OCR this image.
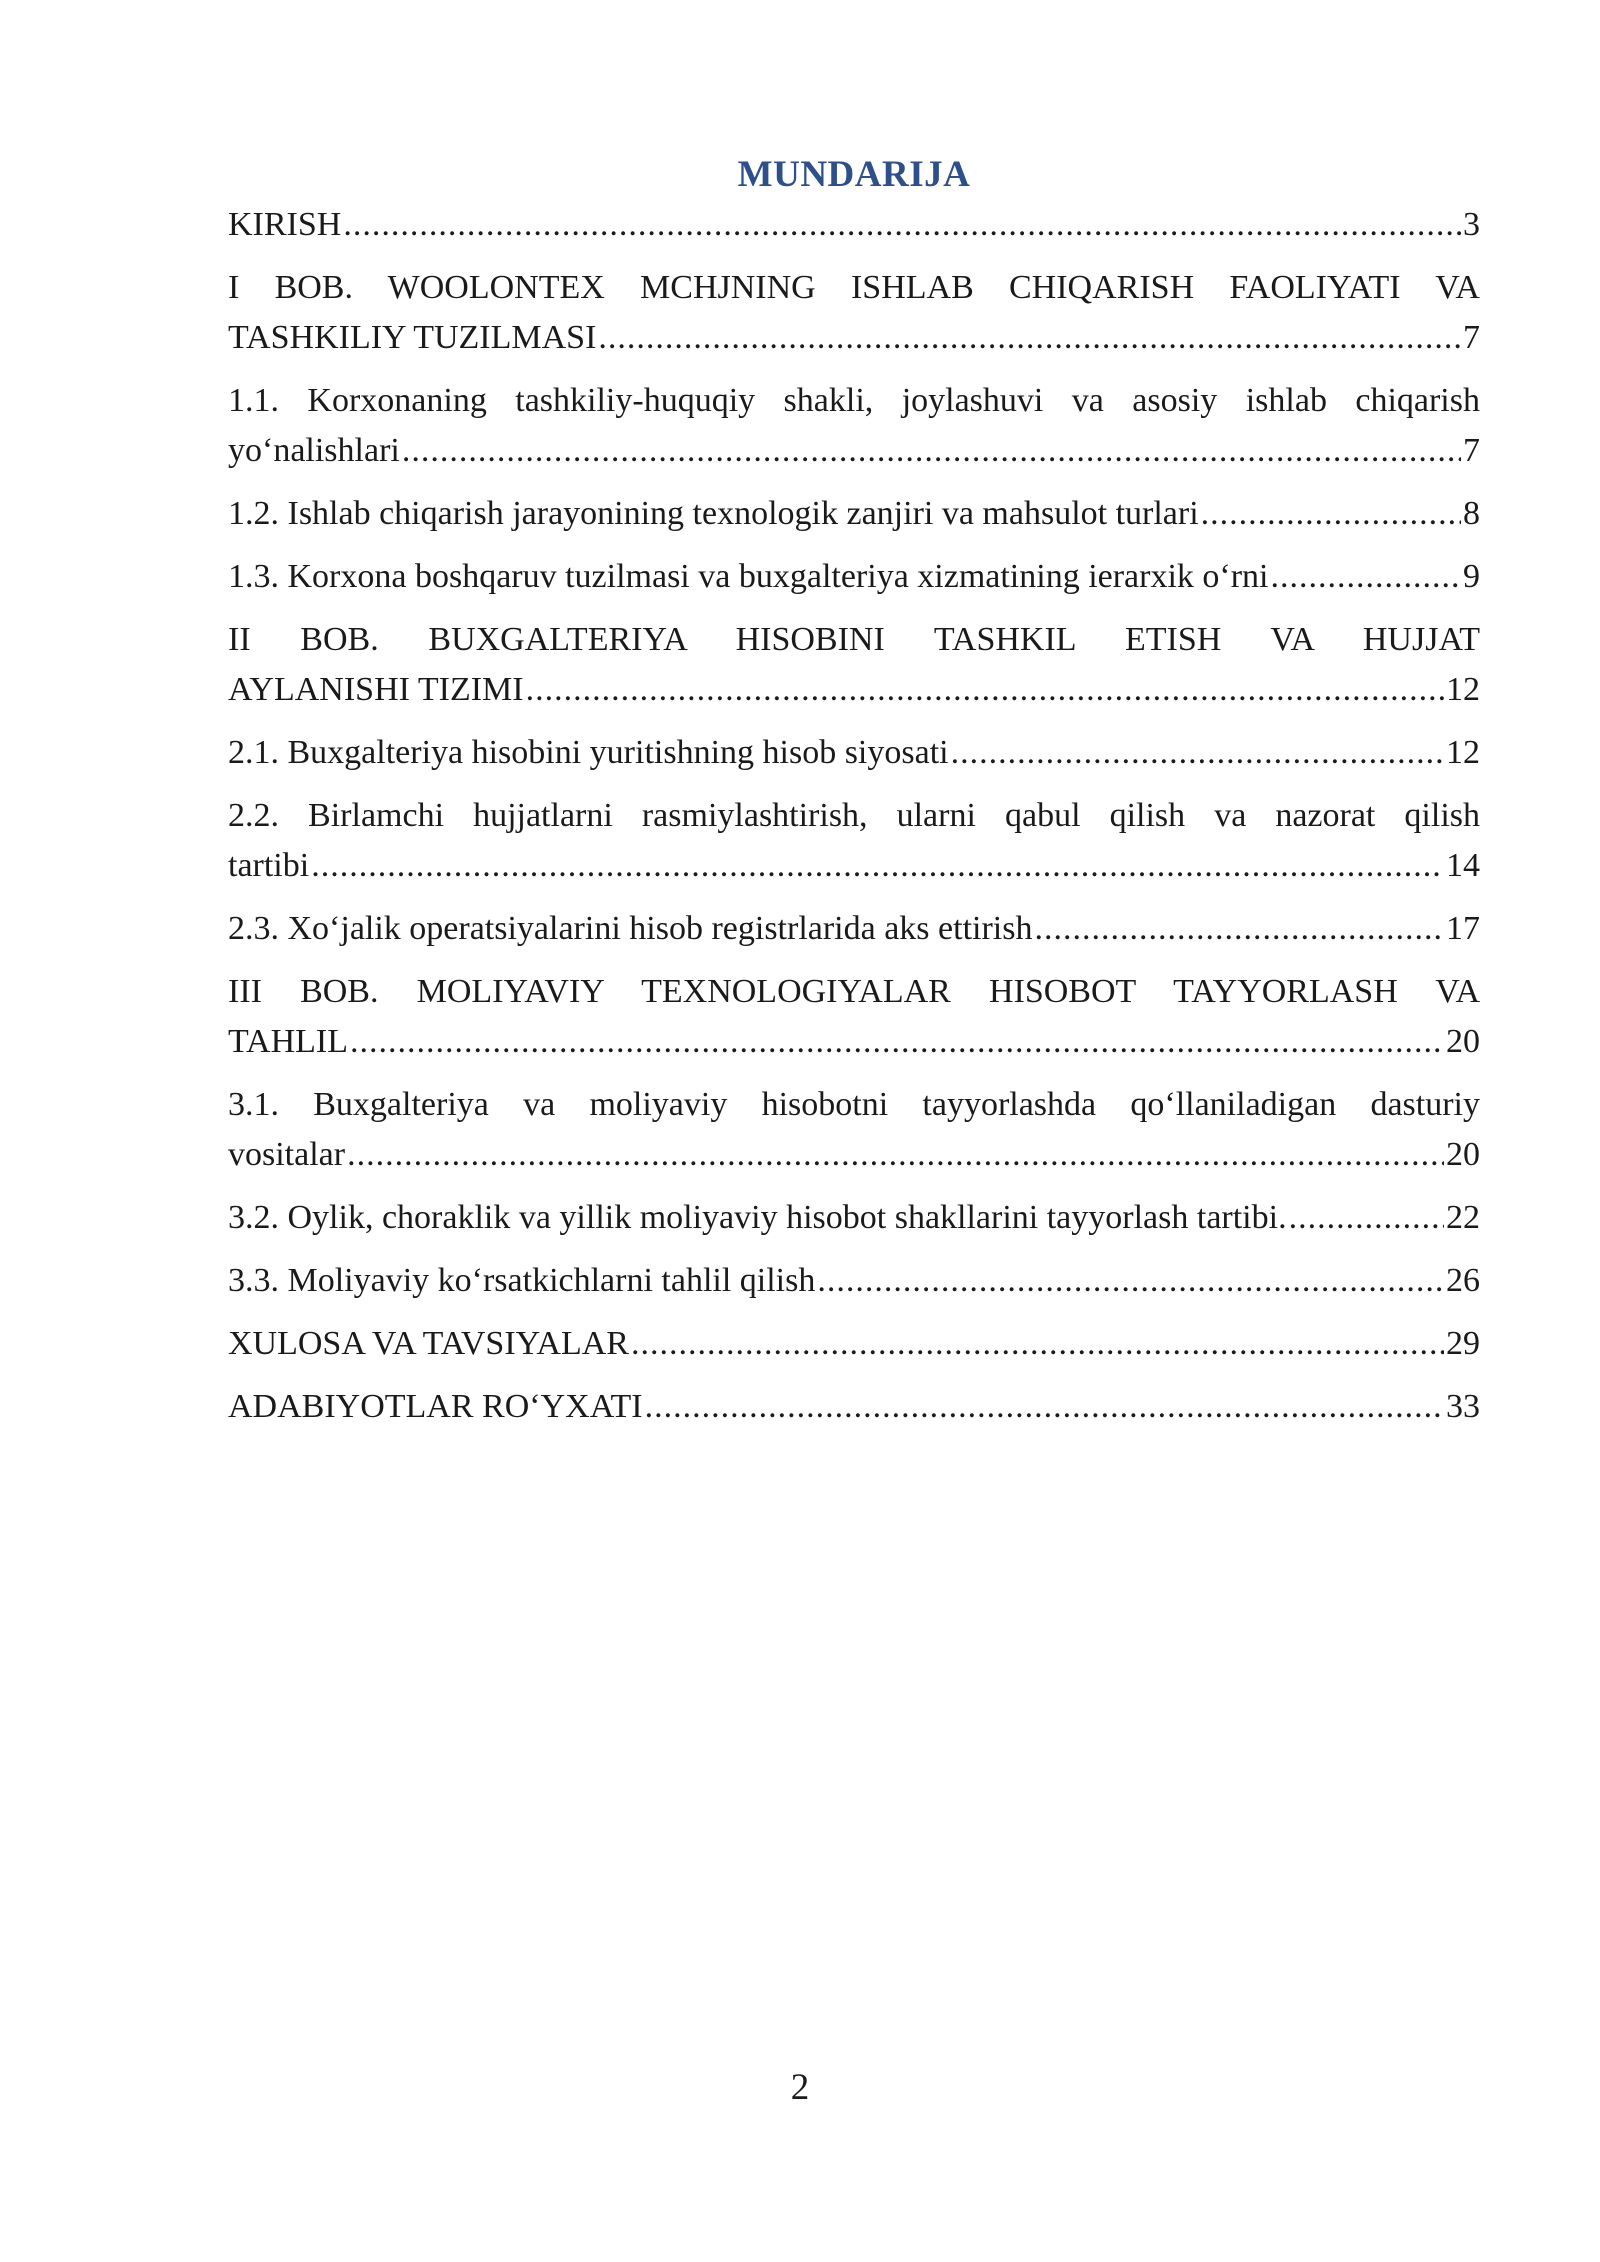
MUNDARIJA
KIRISH .....	3
I BOB. WOOLONTEX MCHJNING ISHLAB CHIQARISH FAOLIYATI VA
TASHKILIY TUZILMASI .....	7
1.1. Korxonaning tashkiliy-huquqiy shakli, joylashuvi va asosiy ishlab chiqarish
yo‘nalishlari .....	7
1.2. Ishlab chiqarish jarayonining texnologik zanjiri va mahsulot turlari .....	8
1.3. Korxona boshqaruv tuzilmasi va buxgalteriya xizmatining ierarxik o‘rni .....	9
II BOB. BUXGALTERIYA HISOBINI TASHKIL ETISH VA HUJJAT
AYLANISHI TIZIMI .....	12
2.1. Buxgalteriya hisobini yuritishning hisob siyosati .....	12
2.2. Birlamchi hujjatlarni rasmiylashtirish, ularni qabul qilish va nazorat qilish
tartibi .....	14
2.3. Xo‘jalik operatsiyalarini hisob registrlarida aks ettirish .....	17
III BOB. MOLIYAVIY TEXNOLOGIYALAR HISOBOT TAYYORLASH VA
TAHLIL .....	20
3.1. Buxgalteriya va moliyaviy hisobotni tayyorlashda qo‘llaniladigan dasturiy
vositalar .....	20
3.2. Oylik, choraklik va yillik moliyaviy hisobot shakllarini tayyorlash tartibi. .....	22
3.3. Moliyaviy ko‘rsatkichlarni tahlil qilish .....	26
XULOSA VA TAVSIYALAR .....	29
ADABIYOTLAR RO‘YXATI .....	33
2
